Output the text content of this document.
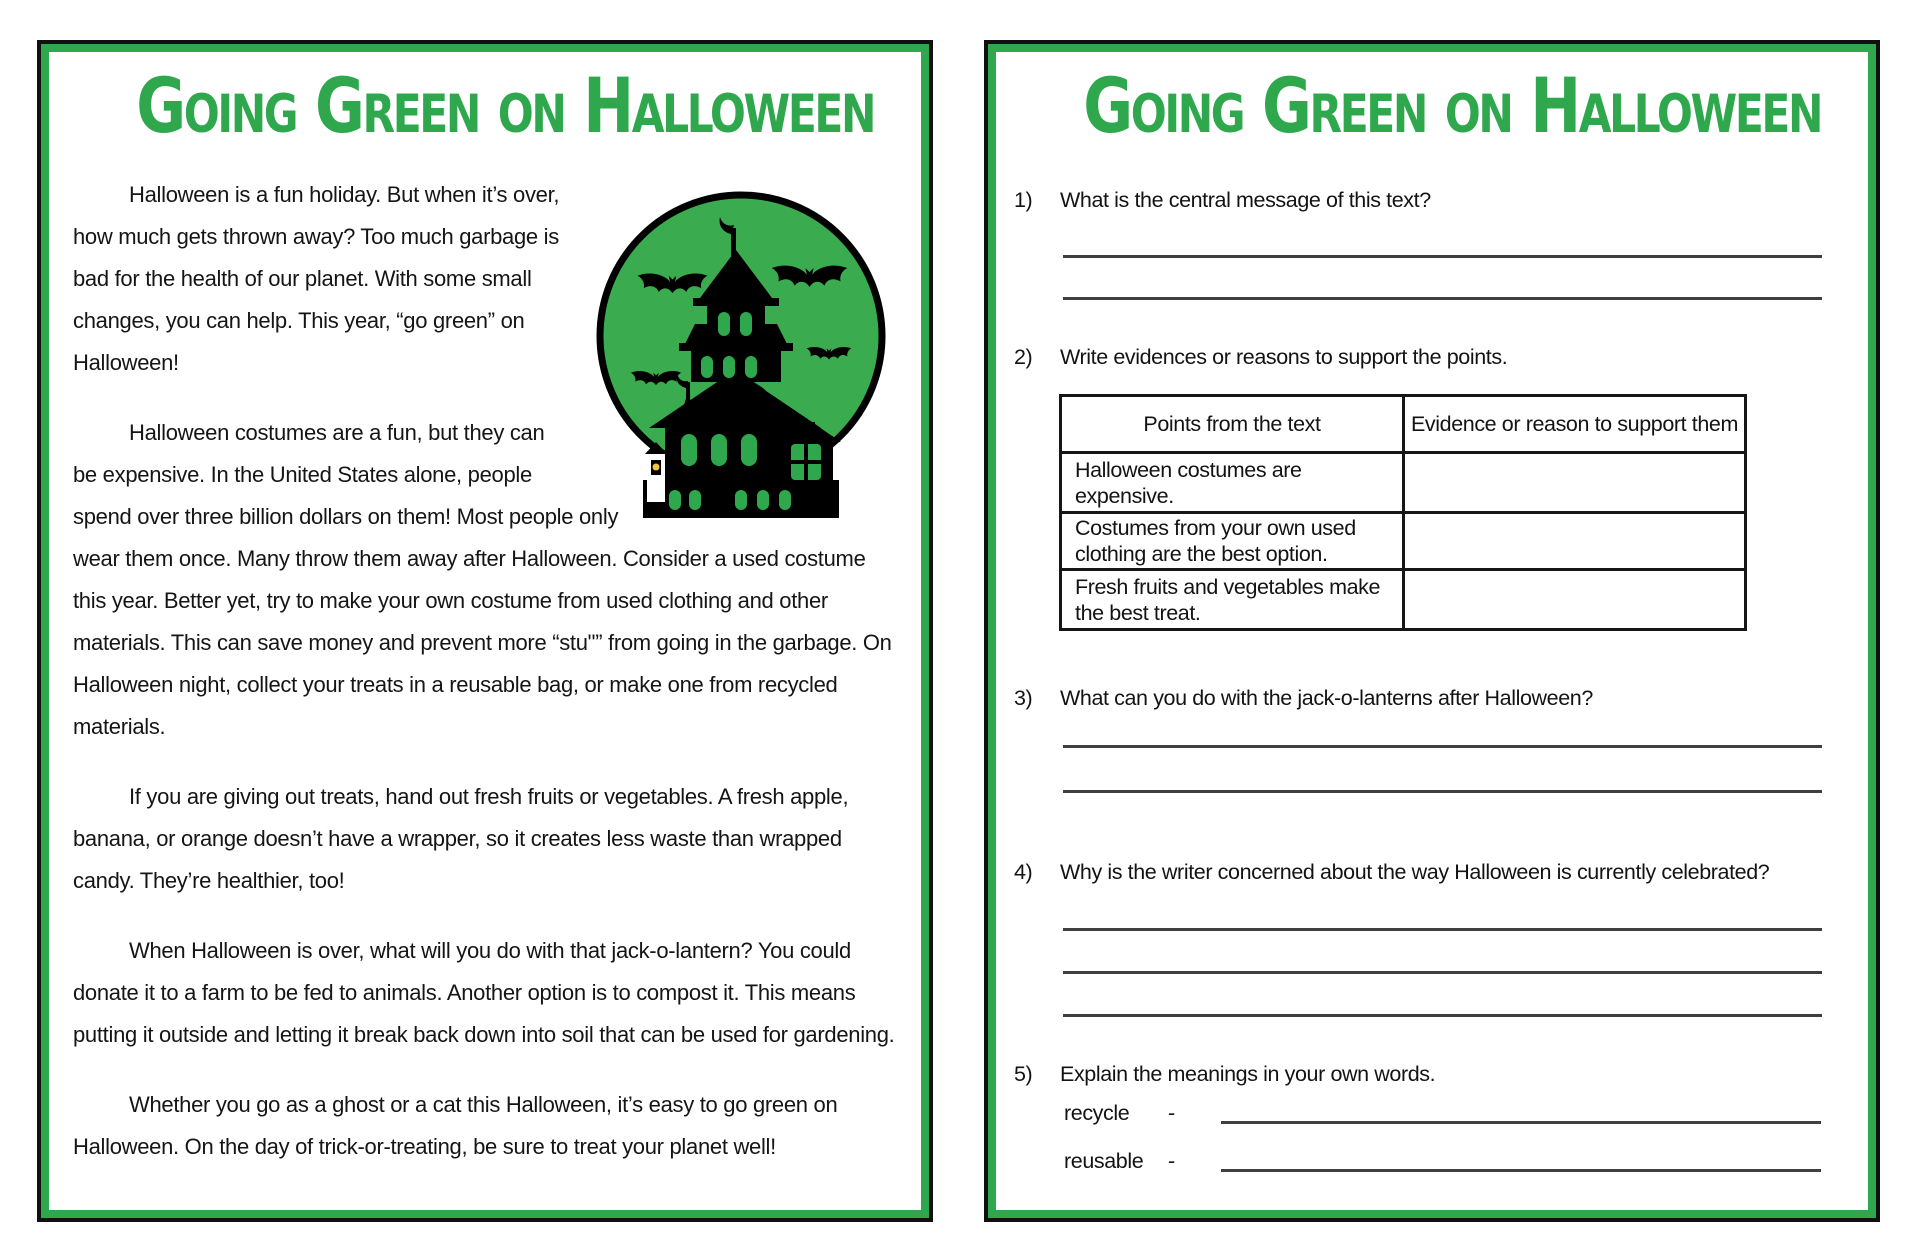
Going Green on Halloween

Halloween is a fun holiday. But when it’s over, how much gets thrown away? Too much garbage is bad for the health of our planet. With some small changes, you can help. This year, “go green” on Halloween!

Halloween costumes are a fun, but they can be expensive. In the United States alone, people spend over three billion dollars on them! Most people only wear them once. Many throw them away after Halloween. Consider a used costume this year. Better yet, try to make your own costume from used clothing and other materials. This can save money and prevent more “stu"” from going in the garbage. On Halloween night, collect your treats in a reusable bag, or make one from recycled materials.

If you are giving out treats, hand out fresh fruits or vegetables. A fresh apple, banana, or orange doesn’t have a wrapper, so it creates less waste than wrapped candy. They’re healthier, too!

When Halloween is over, what will you do with that jack-o-lantern? You could donate it to a farm to be fed to animals. Another option is to compost it. This means putting it outside and letting it break back down into soil that can be used for gardening.

Whether you go as a ghost or a cat this Halloween, it’s easy to go green on Halloween. On the day of trick-or-treating, be sure to treat your planet well!

Going Green on Halloween
1)	What is the central message of this text?
2)	Write evidences or reasons to support the points.
Points from the text	Evidence or reason to support them
Halloween costumes are expensive.	
Costumes from your own used clothing are the best option.	
Fresh fruits and vegetables make the best treat.	
3)	What can you do with the jack-o-lanterns after Halloween?
4)	Why is the writer concerned about the way Halloween is currently celebrated?
5)	Explain the meanings in your own words.
recycle	-
reusable	-
